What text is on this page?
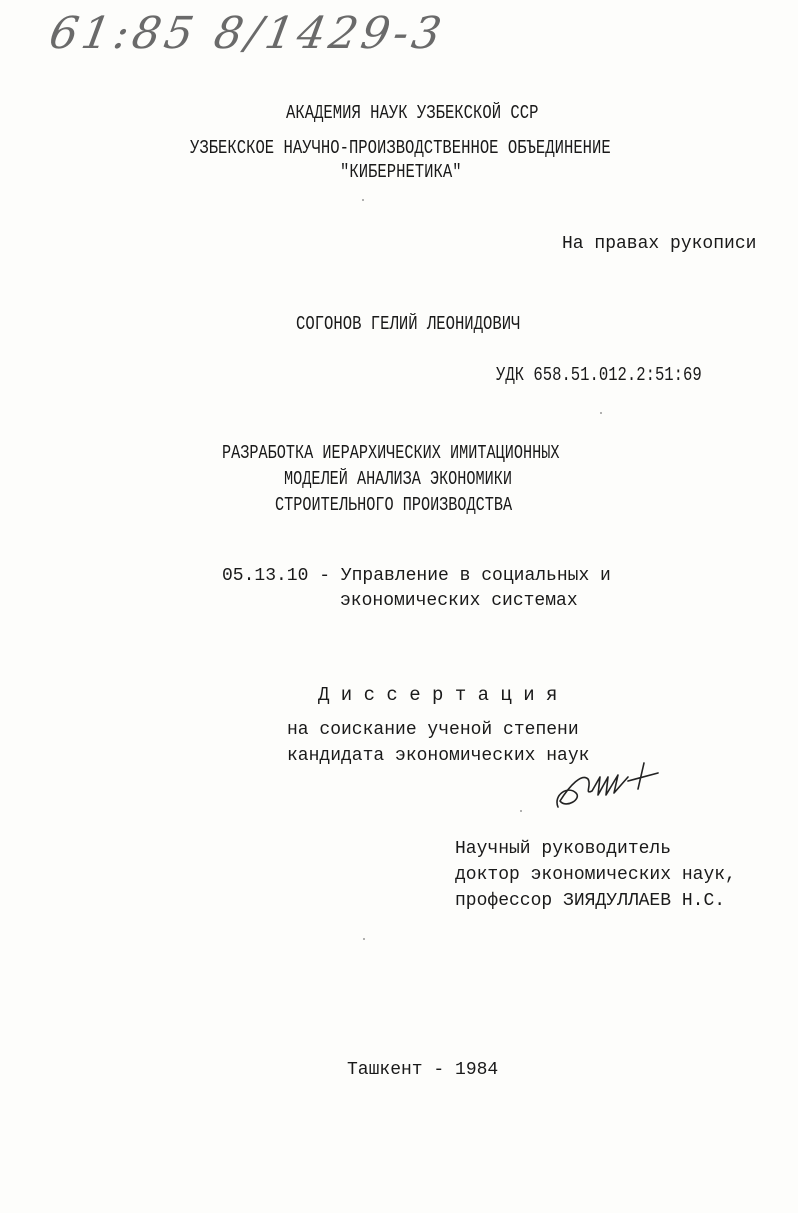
61:85 8/1429-3
АКАДЕМИЯ НАУК УЗБЕКСКОЙ ССР
УЗБЕКСКОЕ НАУЧНО-ПРОИЗВОДСТВЕННОЕ ОБЪЕДИНЕНИЕ
"КИБЕРНЕТИКА"
На правах рукописи
СОГОНОВ ГЕЛИЙ ЛЕОНИДОВИЧ
УДК 658.51.012.2:51:69
РАЗРАБОТКА ИЕРАРХИЧЕСКИХ ИМИТАЦИОННЫХ
МОДЕЛЕЙ АНАЛИЗА ЭКОНОМИКИ
СТРОИТЕЛЬНОГО ПРОИЗВОДСТВА
05.13.10 - Управление в социальных и
экономических системах
Д и с с е р т а ц и я
на соискание ученой степени
кандидата экономических наук
Научный руководитель
доктор экономических наук,
профессор ЗИЯДУЛЛАЕВ Н.С.
Ташкент - 1984
